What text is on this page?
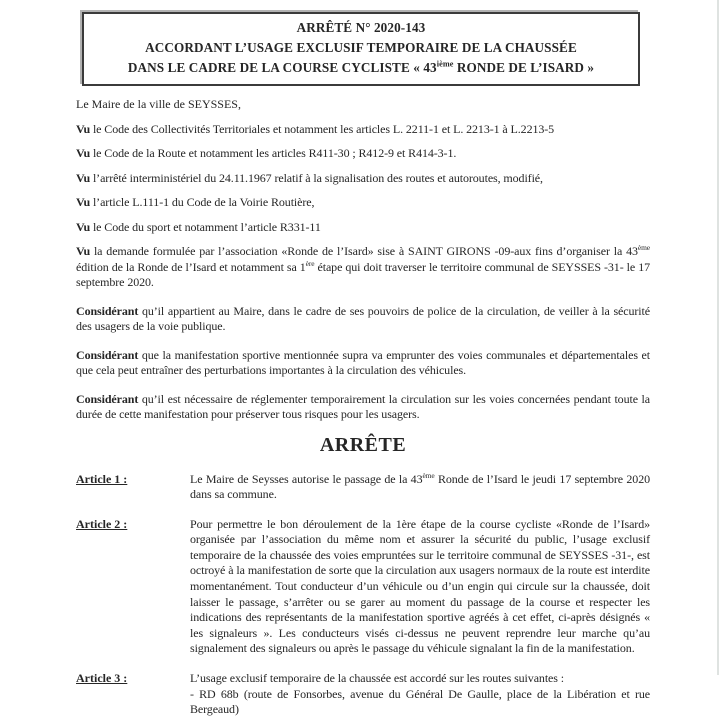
ARRÊTÉ N° 2020-143
ACCORDANT L’USAGE EXCLUSIF TEMPORAIRE DE LA CHAUSSÉE
DANS LE CADRE DE LA COURSE CYCLISTE « 43ième RONDE DE L’ISARD »

Le Maire de la ville de SEYSSES,

Vu le Code des Collectivités Territoriales et notamment les articles L. 2211-1 et L. 2213-1 à L.2213-5

Vu le Code de la Route et notamment les articles R411-30 ; R412-9 et R414-3-1.

Vu l’arrêté interministériel du 24.11.1967 relatif à la signalisation des routes et autoroutes, modifié,

Vu l’article L.111-1 du Code de la Voirie Routière,

Vu le Code du sport et notamment l’article R331-11

Vu la demande formulée par l’association «Ronde de l’Isard» sise à SAINT GIRONS -09-aux fins d’organiser la 43ème édition de la Ronde de l’Isard et notamment sa 1ère étape qui doit traverser le territoire communal de SEYSSES -31- le 17 septembre 2020.

Considérant qu’il appartient au Maire, dans le cadre de ses pouvoirs de police de la circulation, de veiller à la sécurité des usagers de la voie publique.

Considérant que la manifestation sportive mentionnée supra va emprunter des voies communales et départementales et que cela peut entraîner des perturbations importantes à la circulation des véhicules.

Considérant qu’il est nécessaire de réglementer temporairement la circulation sur les voies concernées pendant toute la durée de cette manifestation pour préserver tous risques pour les usagers.

ARRÊTE
Article 1 :	Le Maire de Seysses autorise le passage de la 43ème Ronde de l’Isard le jeudi 17 septembre 2020 dans sa commune.
Article 2 :	Pour permettre le bon déroulement de la 1ère étape de la course cycliste «Ronde de l’Isard» organisée par l’association du même nom et assurer la sécurité du public, l’usage exclusif temporaire de la chaussée des voies empruntées sur le territoire communal de SEYSSES -31-, est octroyé à la manifestation de sorte que la circulation aux usagers normaux de la route est interdite momentanément. Tout conducteur d’un véhicule ou d’un engin qui circule sur la chaussée, doit laisser le passage, s’arrêter ou se garer au moment du passage de la course et respecter les indications des représentants de la manifestation sportive agréés à cet effet, ci-après désignés « les signaleurs ». Les conducteurs visés ci-dessus ne peuvent reprendre leur marche qu’au signalement des signaleurs ou après le passage du véhicule signalant la fin de la manifestation.
Article 3 :	L’usage exclusif temporaire de la chaussée est accordé sur les routes suivantes :

- RD 68b (route de Fonsorbes, avenue du Général De Gaulle, place de la Libération et rue Bergeaud)
